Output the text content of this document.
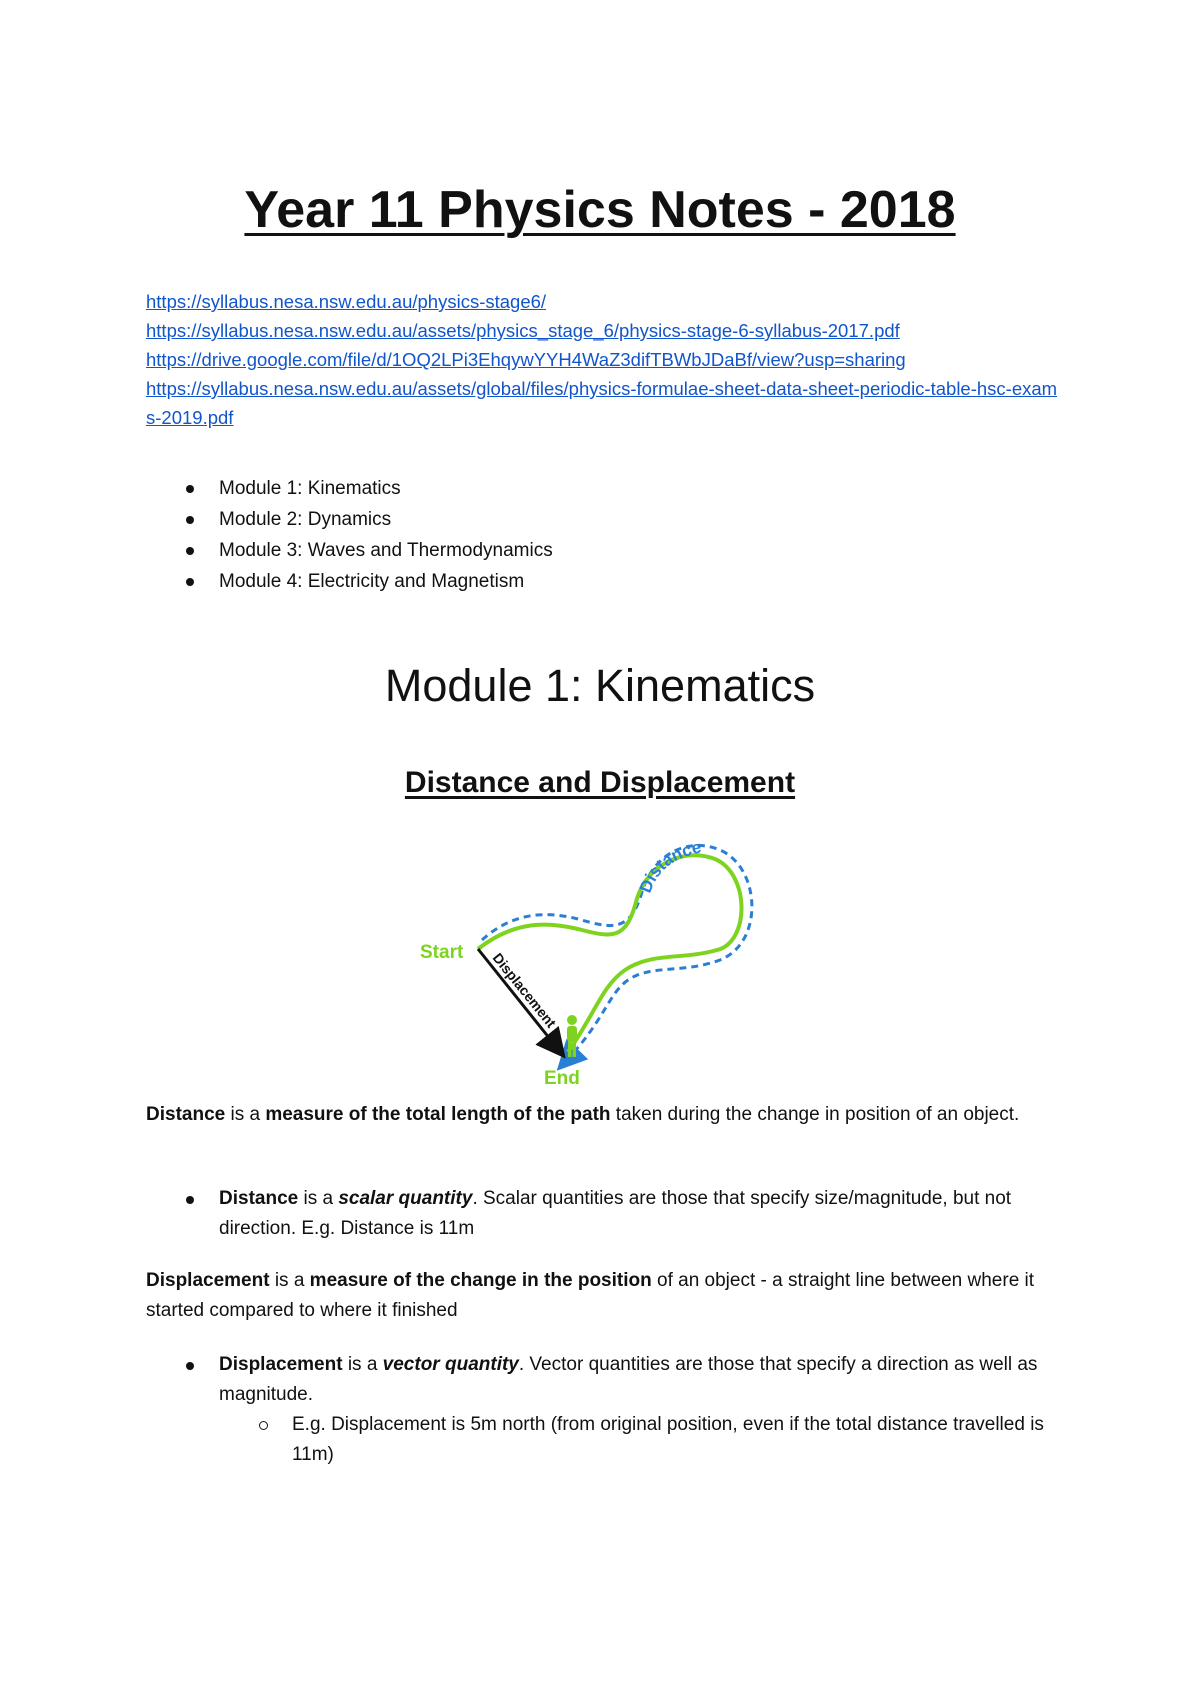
Year 11 Physics Notes - 2018
https://syllabus.nesa.nsw.edu.au/physics-stage6/
https://syllabus.nesa.nsw.edu.au/assets/physics_stage_6/physics-stage-6-syllabus-2017.pdf
https://drive.google.com/file/d/1OQ2LPi3EhqywYYH4WaZ3difTBWbJDaBf/view?usp=sharing
https://syllabus.nesa.nsw.edu.au/assets/global/files/physics-formulae-sheet-data-sheet-periodic-table-hsc-exams-2019.pdf
Module 1: Kinematics
Module 2: Dynamics
Module 3: Waves and Thermodynamics
Module 4: Electricity and Magnetism
Module 1: Kinematics
Distance and Displacement
Start
End
Displacement
Distance

Distance is a measure of the total length of the path taken during the change in position of an object.

Distance is a scalar quantity. Scalar quantities are those that specify size/magnitude, but not direction. E.g. Distance is 11m

Displacement is a measure of the change in the position of an object - a straight line between where it started compared to where it finished

Displacement is a vector quantity. Vector quantities are those that specify a direction as well as magnitude.
E.g. Displacement is 5m north (from original position, even if the total distance travelled is 11m)
